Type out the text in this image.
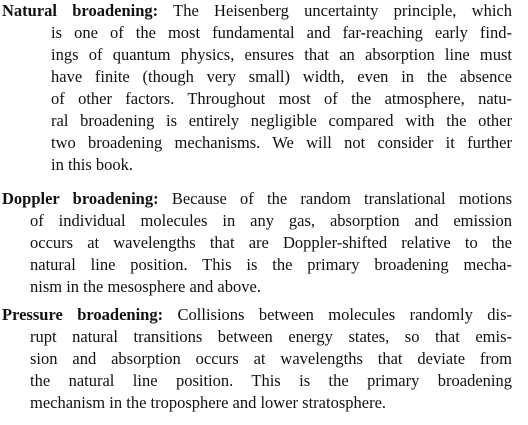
Natural broadening: The Heisenberg uncertainty principle, which
is one of the most fundamental and far-reaching early find-
ings of quantum physics, ensures that an absorption line must
have finite (though very small) width, even in the absence
of other factors. Throughout most of the atmosphere, natu-
ral broadening is entirely negligible compared with the other
two broadening mechanisms. We will not consider it further
in this book.
Doppler broadening: Because of the random translational motions
of individual molecules in any gas, absorption and emission
occurs at wavelengths that are Doppler-shifted relative to the
natural line position. This is the primary broadening mecha-
nism in the mesosphere and above.
Pressure broadening: Collisions between molecules randomly dis-
rupt natural transitions between energy states, so that emis-
sion and absorption occurs at wavelengths that deviate from
the natural line position. This is the primary broadening
mechanism in the troposphere and lower stratosphere.
